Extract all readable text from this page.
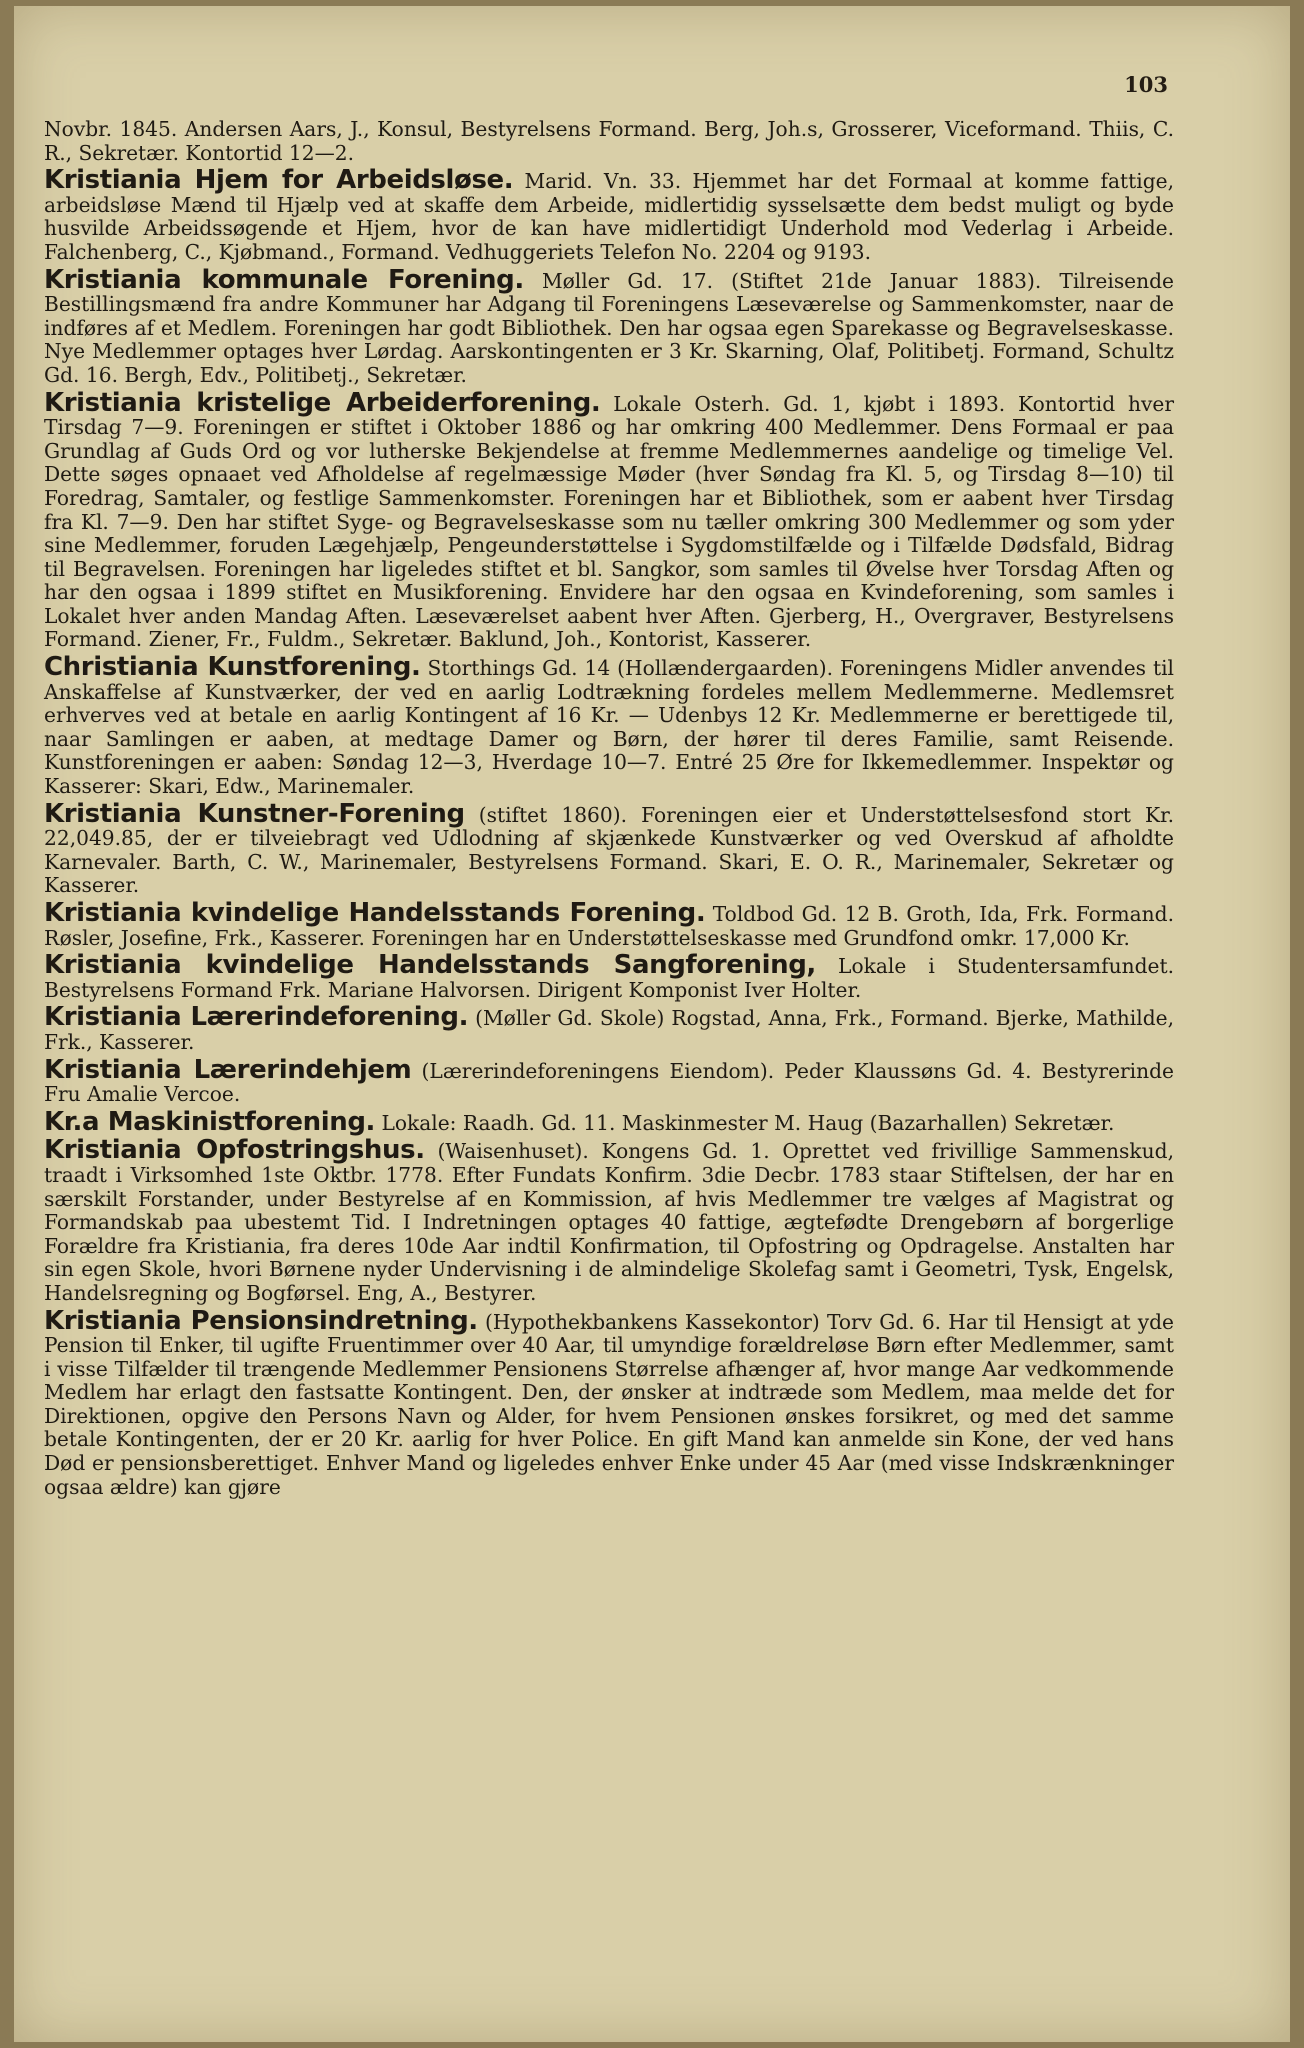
103

Novbr. 1845. Andersen Aars, J., Konsul, Bestyrelsens Formand. Berg, Joh.s, Grosserer, Viceformand. Thiis, C. R., Sekretær. Kontortid 12—2.

Kristiania Hjem for Arbeidsløse. Marid. Vn. 33. Hjemmet har det Formaal at komme fattige, arbeidsløse Mænd til Hjælp ved at skaffe dem Arbeide, midlertidig sysselsætte dem bedst muligt og byde husvilde Arbeidssøgende et Hjem, hvor de kan have midlertidigt Underhold mod Vederlag i Arbeide. Falchenberg, C., Kjøbmand., Formand. Vedhuggeriets Telefon No. 2204 og 9193.

Kristiania kommunale Forening. Møller Gd. 17. (Stiftet 21de Januar 1883). Tilreisende Bestillingsmænd fra andre Kommuner har Adgang til Foreningens Læseværelse og Sammenkomster, naar de indføres af et Medlem. Foreningen har godt Bibliothek. Den har ogsaa egen Sparekasse og Begravelseskasse. Nye Medlemmer optages hver Lørdag. Aarskontingenten er 3 Kr. Skarning, Olaf, Politibetj. Formand, Schultz Gd. 16. Bergh, Edv., Politibetj., Sekretær.

Kristiania kristelige Arbeiderforening. Lokale Osterh. Gd. 1, kjøbt i 1893. Kontortid hver Tirsdag 7—9. Foreningen er stiftet i Oktober 1886 og har omkring 400 Medlemmer. Dens Formaal er paa Grundlag af Guds Ord og vor lutherske Bekjendelse at fremme Medlemmernes aandelige og timelige Vel. Dette søges opnaaet ved Afholdelse af regelmæssige Møder (hver Søndag fra Kl. 5, og Tirsdag 8—10) til Foredrag, Samtaler, og festlige Sammenkomster. Foreningen har et Bibliothek, som er aabent hver Tirsdag fra Kl. 7—9. Den har stiftet Syge- og Begravelseskasse som nu tæller omkring 300 Medlemmer og som yder sine Medlemmer, foruden Lægehjælp, Pengeunderstøttelse i Sygdomstilfælde og i Tilfælde Dødsfald, Bidrag til Begravelsen. Foreningen har ligeledes stiftet et bl. Sangkor, som samles til Øvelse hver Torsdag Aften og har den ogsaa i 1899 stiftet en Musikforening. Envidere har den ogsaa en Kvindeforening, som samles i Lokalet hver anden Mandag Aften. Læseværelset aabent hver Aften. Gjerberg, H., Overgraver, Bestyrelsens Formand. Ziener, Fr., Fuldm., Sekretær. Baklund, Joh., Kontorist, Kasserer.

Christiania Kunstforening. Storthings Gd. 14 (Hollændergaarden). Foreningens Midler anvendes til Anskaffelse af Kunstværker, der ved en aarlig Lodtrækning fordeles mellem Medlemmerne. Medlemsret erhverves ved at betale en aarlig Kontingent af 16 Kr. — Udenbys 12 Kr. Medlemmerne er berettigede til, naar Samlingen er aaben, at medtage Damer og Børn, der hører til deres Familie, samt Reisende. Kunstforeningen er aaben: Søndag 12—3, Hverdage 10—7. Entré 25 Øre for Ikkemedlemmer. Inspektør og Kasserer: Skari, Edw., Marinemaler.

Kristiania Kunstner-Forening (stiftet 1860). Foreningen eier et Understøttelsesfond stort Kr. 22,049.85, der er tilveiebragt ved Udlodning af skjænkede Kunstværker og ved Overskud af afholdte Karnevaler. Barth, C. W., Marinemaler, Bestyrelsens Formand. Skari, E. O. R., Marinemaler, Sekretær og Kasserer.

Kristiania kvindelige Handelsstands Forening. Toldbod Gd. 12 B. Groth, Ida, Frk. Formand. Røsler, Josefine, Frk., Kasserer. Foreningen har en Understøttelseskasse med Grundfond omkr. 17,000 Kr.

Kristiania kvindelige Handelsstands Sangforening, Lokale i Studentersamfundet. Bestyrelsens Formand Frk. Mariane Halvorsen. Dirigent Komponist Iver Holter.

Kristiania Lærerindeforening. (Møller Gd. Skole) Rogstad, Anna, Frk., Formand. Bjerke, Mathilde, Frk., Kasserer.

Kristiania Lærerindehjem (Lærerindeforeningens Eiendom). Peder Klaussøns Gd. 4. Bestyrerinde Fru Amalie Vercoe.

Kr.a Maskinistforening. Lokale: Raadh. Gd. 11. Maskinmester M. Haug (Bazarhallen) Sekretær.

Kristiania Opfostringshus. (Waisenhuset). Kongens Gd. 1. Oprettet ved frivillige Sammenskud, traadt i Virksomhed 1ste Oktbr. 1778. Efter Fundats Konfirm. 3die Decbr. 1783 staar Stiftelsen, der har en særskilt Forstander, under Bestyrelse af en Kommission, af hvis Medlemmer tre vælges af Magistrat og Formandskab paa ubestemt Tid. I Indretningen optages 40 fattige, ægtefødte Drengebørn af borgerlige Forældre fra Kristiania, fra deres 10de Aar indtil Konfirmation, til Opfostring og Opdragelse. Anstalten har sin egen Skole, hvori Børnene nyder Undervisning i de almindelige Skolefag samt i Geometri, Tysk, Engelsk, Handelsregning og Bogførsel. Eng, A., Bestyrer.

Kristiania Pensionsindretning. (Hypothekbankens Kassekontor) Torv Gd. 6. Har til Hensigt at yde Pension til Enker, til ugifte Fruentimmer over 40 Aar, til umyndige forældreløse Børn efter Medlemmer, samt i visse Tilfælder til trængende Medlemmer Pensionens Størrelse afhænger af, hvor mange Aar vedkommende Medlem har erlagt den fastsatte Kontingent. Den, der ønsker at indtræde som Medlem, maa melde det for Direktionen, opgive den Persons Navn og Alder, for hvem Pensionen ønskes forsikret, og med det samme betale Kontingenten, der er 20 Kr. aarlig for hver Police. En gift Mand kan anmelde sin Kone, der ved hans Død er pensionsberettiget. Enhver Mand og ligeledes enhver Enke under 45 Aar (med visse Indskrænkninger ogsaa ældre) kan gjøre
